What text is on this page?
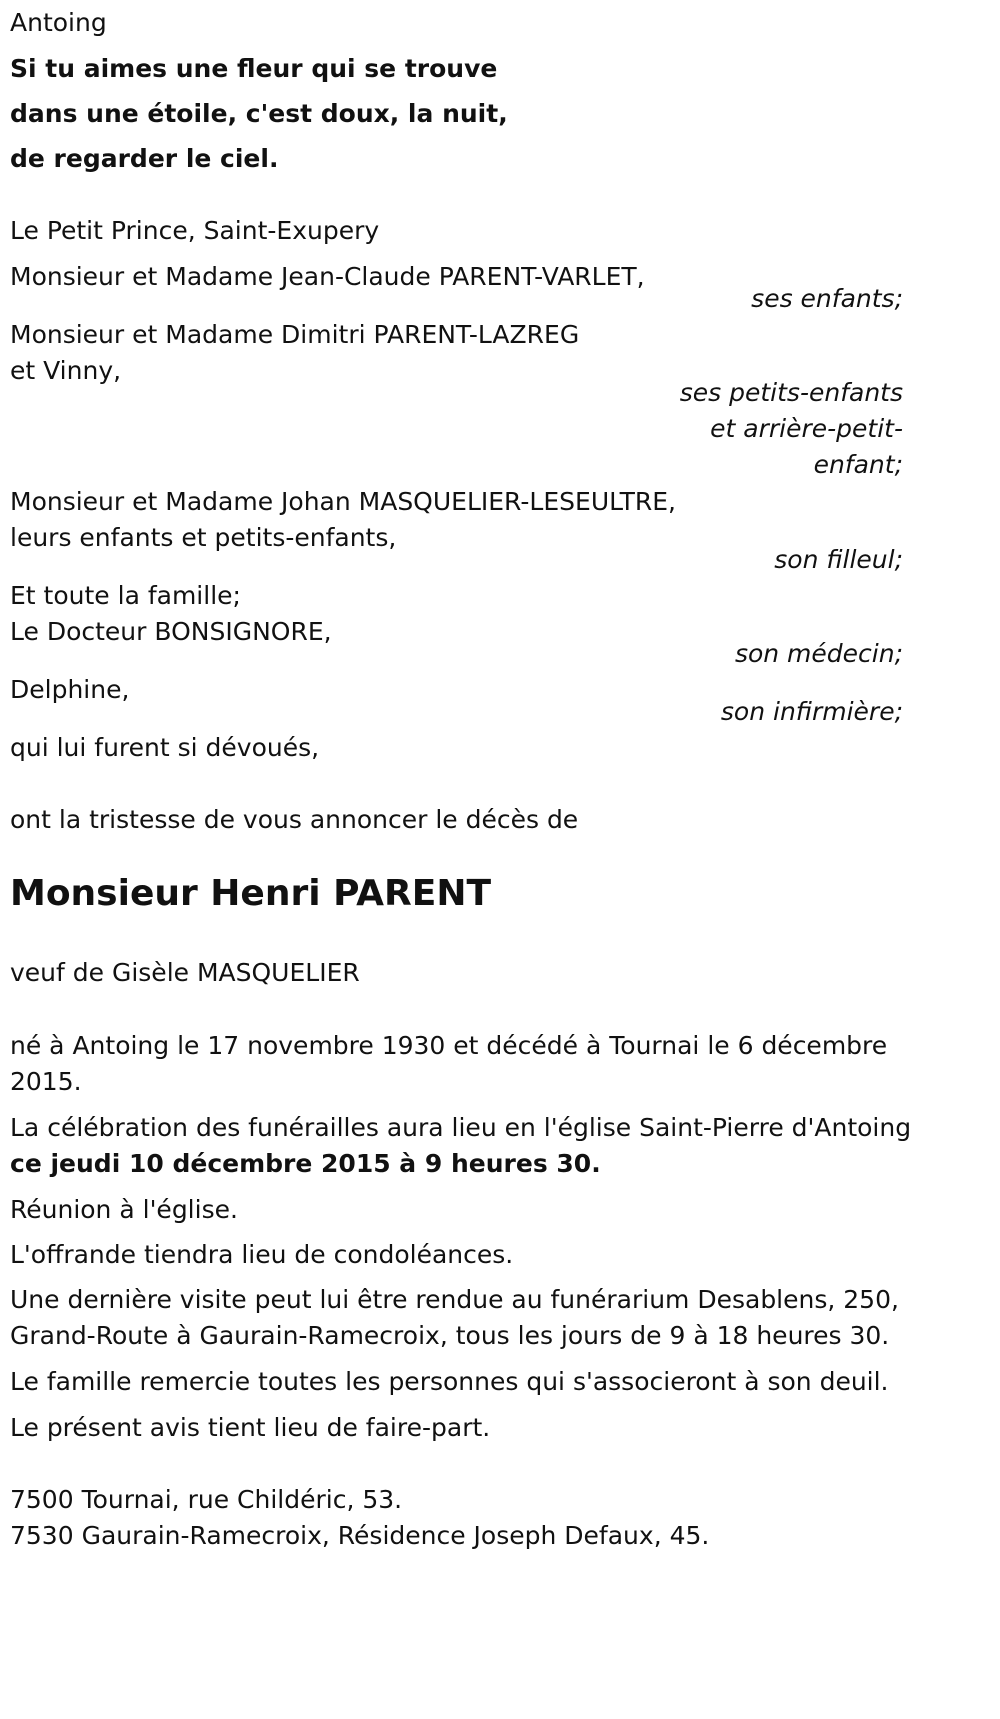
Antoing
Si tu aimes une fleur qui se trouve
dans une étoile, c'est doux, la nuit,
de regarder le ciel.
Le Petit Prince, Saint-Exupery
Monsieur et Madame Jean-Claude PARENT-VARLET,
ses enfants;
Monsieur et Madame Dimitri PARENT-LAZREG
et Vinny,
ses petits-enfants
et arrière-petit-
enfant;
Monsieur et Madame Johan MASQUELIER-LESEULTRE,
leurs enfants et petits-enfants,
son filleul;
Et toute la famille;
Le Docteur BONSIGNORE,
son médecin;
Delphine,
son infirmière;
qui lui furent si dévoués,
ont la tristesse de vous annoncer le décès de
Monsieur Henri PARENT
veuf de Gisèle MASQUELIER
né à Antoing le 17 novembre 1930 et décédé à Tournai le 6 décembre
2015.
La célébration des funérailles aura lieu en l'église Saint-Pierre d'Antoing
ce jeudi 10 décembre 2015 à 9 heures 30.
Réunion à l'église.
L'offrande tiendra lieu de condoléances.
Une dernière visite peut lui être rendue au funérarium Desablens, 250,
Grand-Route à Gaurain-Ramecroix, tous les jours de 9 à 18 heures 30.
Le famille remercie toutes les personnes qui s'associeront à son deuil.
Le présent avis tient lieu de faire-part.
7500 Tournai, rue Childéric, 53.
7530 Gaurain-Ramecroix, Résidence Joseph Defaux, 45.
